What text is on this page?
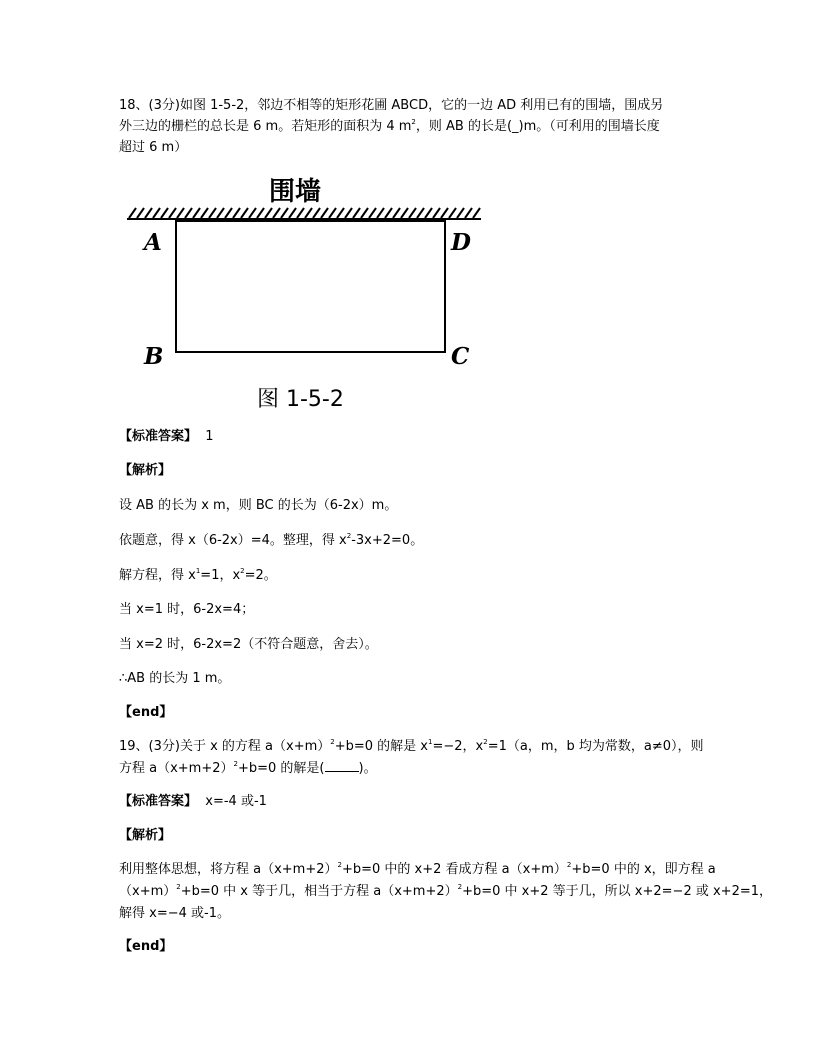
18、(3分)如图 1-5-2，邻边不相等的矩形花圃 ABCD，它的一边 AD 利用已有的围墙，围成另

外三边的栅栏的总长是 6 m。若矩形的面积为 4 $m^2$，则 AB 的长是(_)m。（可利用的围墙长度

超过 6 m）

围墙
A	D
B	C
图 1-5-2

【标准答案】 1

【解析】

设 AB 的长为 x m，则 BC 的长为（6-2x）m。

依题意，得 x（6-2x）=4。整理，得 $x^2-3x+2=0$。

解方程，得 $x^1=1$，$x^2=2$。

当 x=1 时，6-2x=4；

当 x=2 时，6-2x=2（不符合题意，舍去）。

∴AB 的长为 1 m。

【end】

19、(3分)关于 x 的方程 $a(x+m)^2+b=0$ 的解是 $x^1=-2$，$x^2=1(a$，m，b 均为常数，a≠0），则

方程 $a(x+m+2)^2+b=0$ 的解是(	)。

【标准答案】 x=-4 或-1

【解析】

利用整体思想，将方程 $a(x+m+2)^2+b=0$ 中的 x+2 看成方程 $a(x+m)^2+b=0$ 中的 x，即方程 a

$(x+m)^2+b=0$ 中 x 等于几，相当于方程 $a(x+m+2)^2+b=0$ 中 x+2 等于几，所以 x+2=−2 或 x+2=1，

解得 x=−4 或-1。

【end】
